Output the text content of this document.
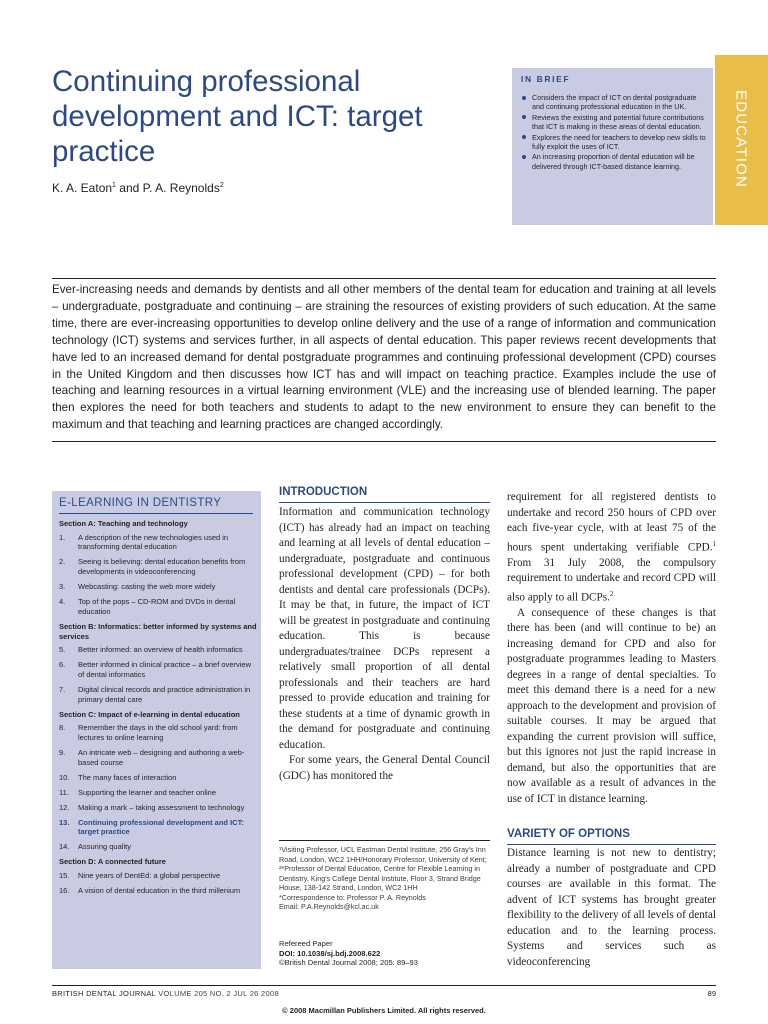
Continuing professional development and ICT: target practice
K. A. Eaton$^1$ and P. A. Reynolds$^2$
IN BRIEF
Considers the impact of ICT on dental postgraduate and continuing professional education in the UK.
Reviews the existing and potential future contributions that ICT is making in these areas of dental education.
Explores the need for teachers to develop new skills to fully exploit the uses of ICT.
An increasing proportion of dental education will be delivered through ICT-based distance learning.	EDUCATION

Ever-increasing needs and demands by dentists and all other members of the dental team for education and training at all levels – undergraduate, postgraduate and continuing – are straining the resources of existing providers of such education. At the same time, there are ever-increasing opportunities to develop online delivery and the use of a range of information and communication technology (ICT) systems and services further, in all aspects of dental education. This paper reviews recent developments that have led to an increased demand for dental postgraduate programmes and continuing professional development (CPD) courses in the United Kingdom and then discusses how ICT has and will impact on teaching practice. Examples include the use of teaching and learning resources in a virtual learning environment (VLE) and the increasing use of blended learning. The paper then explores the need for both teachers and students to adapt to the new environment to ensure they can benefit to the maximum and that teaching and learning practices are changed accordingly.

E-LEARNING IN DENTISTRY
Section A: Teaching and technology
1. A description of the new technologies used in transforming dental education
2. Seeing is believing: dental education benefits from developments in videoconferencing
3. Webcasting: casting the web more widely
4. Top of the pops – CD-ROM and DVDs in dental education
Section B: Informatics: better informed by systems and services
5. Better informed: an overview of health informatics
6. Better informed in clinical practice – a brief overview of dental informatics
7. Digital clinical records and practice administration in primary dental care
Section C: Impact of e-learning in dental education
8. Remember the days in the old school yard: from lectures to online learning
9. An intricate web – designing and authoring a web-based course
10. The many faces of interaction
11. Supporting the learner and teacher online
12. Making a mark – taking assessment to technology
13. Continuing professional development and ICT: target practice
14. Assuring quality
Section D: A connected future
15. Nine years of DentEd: a global perspective
16. A vision of dental education in the third millenium
INTRODUCTION

Information and communication technology (ICT) has already had an impact on teaching and learning at all levels of dental education – undergraduate, postgraduate and continuous professional development (CPD) – for both dentists and dental care professionals (DCPs). It may be that, in future, the impact of ICT will be greatest in postgraduate and continuing education. This is because undergraduates/trainee DCPs represent a relatively small proportion of all dental professionals and their teachers are hard pressed to provide education and training for these students at a time of dynamic growth in the demand for postgraduate and continuing education.

For some years, the General Dental Council (GDC) has monitored the

¹Visiting Professor, UCL Eastman Dental Institute, 256 Gray's Inn Road, London, WC2 1HH/Honorary Professor, University of Kent; ²*Professor of Dental Education, Centre for Flexible Learning in Dentistry, King's College Dental Institute, Floor 3, Strand Bridge House, 138-142 Strand, London, WC2 1HH
*Correspondence to: Professor P. A. Reynolds
Email: P.A.Reynolds@kcl.ac.uk
Refereed Paper
DOI: 10.1038/sj.bdj.2008.622
©British Dental Journal 2008; 205: 89–93

requirement for all registered dentists to undertake and record 250 hours of CPD over each five-year cycle, with at least 75 of the hours spent undertaking verifiable CPD.$^1$ From 31 July 2008, the compulsory requirement to undertake and record CPD will also apply to all DCPs.$^2$

A consequence of these changes is that there has been (and will continue to be) an increasing demand for CPD and also for postgraduate programmes leading to Masters degrees in a range of dental specialties. To meet this demand there is a need for a new approach to the development and provision of suitable courses. It may be argued that expanding the current provision will suffice, but this ignores not just the rapid increase in demand, but also the opportunities that are now available as a result of advances in the use of ICT in distance learning.

VARIETY OF OPTIONS

Distance learning is not new to dentistry; already a number of postgraduate and CPD courses are available in this format. The advent of ICT systems has brought greater flexibility to the delivery of all levels of dental education and to the learning process. Systems and services such as videoconferencing

BRITISH DENTAL JOURNAL VOLUME 205 NO. 2 JUL 26 2008	89
© 2008 Macmillan Publishers Limited. All rights reserved.
